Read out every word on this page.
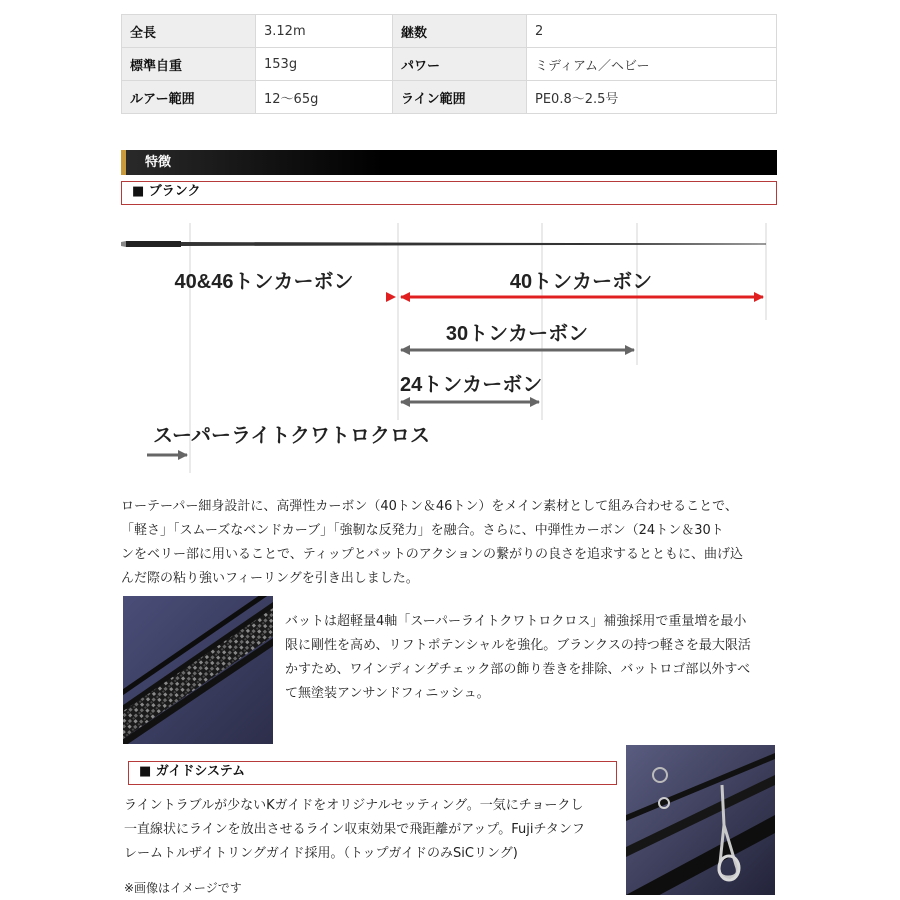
全長	3.12m	継数	2
標準自重	153g	パワー	ミディアム／ヘビー
ルアー範囲	12〜65g	ライン範囲	PE0.8〜2.5号
特徴
■ ブランク
40&46トンカーボン	40トンカーボン
30トンカーボン
24トンカーボン
スーパーライトクワトロクロス
ローテーパー細身設計に、高弾性カーボン（40トン＆46トン）をメイン素材として組み合わせることで、
「軽さ」「スムーズなベンドカーブ」「強靭な反発力」を融合。さらに、中弾性カーボン（24トン＆30ト
ンをベリー部に用いることで、ティップとバットのアクションの繋がりの良さを追求するとともに、曲げ込
んだ際の粘り強いフィーリングを引き出しました。
バットは超軽量4軸「スーパーライトクワトロクロス」補強採用で重量増を最小
限に剛性を高め、リフトポテンシャルを強化。ブランクスの持つ軽さを最大限活
かすため、ワインディングチェック部の飾り巻きを排除、バットロゴ部以外すべ
て無塗装アンサンドフィニッシュ。
■ ガイドシステム
ライントラブルが少ないKガイドをオリジナルセッティング。一気にチョークし
一直線状にラインを放出させるライン収束効果で飛距離がアップ。Fujiチタンフ
レームトルザイトリングガイド採用。（トップガイドのみSiCリング)
※画像はイメージです
